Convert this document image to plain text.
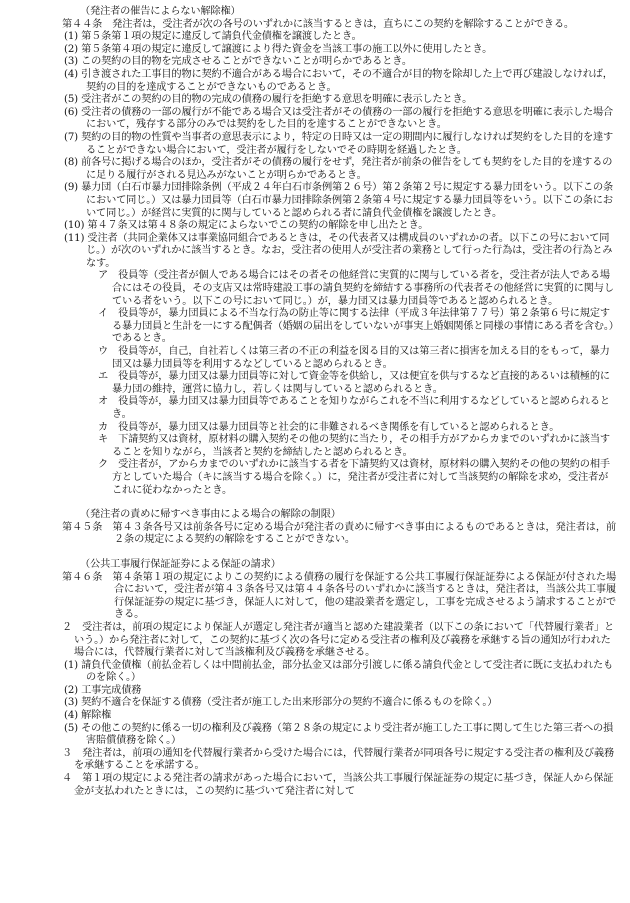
（発注者の催告によらない解除権）

第４４条　発注者は，受注者が次の各号のいずれかに該当するときは，直ちにこの契約を解除することができる。

(1) 第５条第１項の規定に違反して請負代金債権を譲渡したとき。

(2) 第５条第４項の規定に違反して譲渡により得た資金を当該工事の施工以外に使用したとき。

(3) この契約の目的物を完成させることができないことが明らかであるとき。

(4) 引き渡された工事目的物に契約不適合がある場合において，その不適合が目的物を除却した上で再び建設しなければ，契約の目的を達成することができないものであるとき。

(5) 受注者がこの契約の目的物の完成の債務の履行を拒絶する意思を明確に表示したとき。

(6) 受注者の債務の一部の履行が不能である場合又は受注者がその債務の一部の履行を拒絶する意思を明確に表示した場合において，残存する部分のみでは契約をした目的を達することができないとき。

(7) 契約の目的物の性質や当事者の意思表示により，特定の日時又は一定の期間内に履行しなければ契約をした目的を達することができない場合において，受注者が履行をしないでその時期を経過したとき。

(8) 前各号に掲げる場合のほか，受注者がその債務の履行をせず，発注者が前条の催告をしても契約をした目的を達するのに足りる履行がされる見込みがないことが明らかであるとき。

(9) 暴力団（白石市暴力団排除条例（平成２４年白石市条例第２６号）第２条第２号に規定する暴力団をいう。以下この条において同じ。）又は暴力団員等（白石市暴力団排除条例第２条第４号に規定する暴力団員等をいう。以下この条において同じ。）が経営に実質的に関与していると認められる者に請負代金債権を譲渡したとき。

(10) 第４７条又は第４８条の規定によらないでこの契約の解除を申し出たとき。

(11) 受注者（共同企業体又は事業協同組合であるときは，その代表者又は構成員のいずれかの者。以下この号において同じ。）が次のいずれかに該当するとき。なお，受注者の使用人が受注者の業務として行った行為は，受注者の行為とみなす。

ア　役員等（受注者が個人である場合にはその者その他経営に実質的に関与している者を，受注者が法人である場合にはその役員，その支店又は常時建設工事の請負契約を締結する事務所の代表者その他経営に実質的に関与している者をいう。以下この号において同じ。）が，暴力団又は暴力団員等であると認められるとき。

イ　役員等が，暴力団員による不当な行為の防止等に関する法律（平成３年法律第７７号）第２条第６号に規定する暴力団員と生計を一にする配偶者（婚姻の届出をしていないが事実上婚姻関係と同様の事情にある者を含む。）であるとき。

ウ　役員等が，自己，自社若しくは第三者の不正の利益を図る目的又は第三者に損害を加える目的をもって，暴力団又は暴力団員等を利用するなどしていると認められるとき。

エ　役員等が，暴力団又は暴力団員等に対して資金等を供給し，又は便宜を供与するなど直接的あるいは積極的に暴力団の維持，運営に協力し，若しくは関与していると認められるとき。

オ　役員等が，暴力団又は暴力団員等であることを知りながらこれを不当に利用するなどしていると認められるとき。

カ　役員等が，暴力団又は暴力団員等と社会的に非難されるべき関係を有していると認められるとき。

キ　下請契約又は資材，原材料の購入契約その他の契約に当たり，その相手方がアからカまでのいずれかに該当することを知りながら，当該者と契約を締結したと認められるとき。

ク　受注者が，アからカまでのいずれかに該当する者を下請契約又は資材，原材料の購入契約その他の契約の相手方としていた場合（キに該当する場合を除く。）に，発注者が受注者に対して当該契約の解除を求め，受注者がこれに従わなかったとき。

（発注者の責めに帰すべき事由による場合の解除の制限）

第４５条　第４３条各号又は前条各号に定める場合が発注者の責めに帰すべき事由によるものであるときは，発注者は，前２条の規定による契約の解除をすることができない。

（公共工事履行保証証券による保証の請求）

第４６条　第４条第１項の規定によりこの契約による債務の履行を保証する公共工事履行保証証券による保証が付された場合において，受注者が第４３条各号又は第４４条各号のいずれかに該当するときは，発注者は，当該公共工事履行保証証券の規定に基づき，保証人に対して，他の建設業者を選定し，工事を完成させるよう請求することができる。

２　受注者は，前項の規定により保証人が選定し発注者が適当と認めた建設業者（以下この条において「代替履行業者」という。）から発注者に対して，この契約に基づく次の各号に定める受注者の権利及び義務を承継する旨の通知が行われた場合には，代替履行業者に対して当該権利及び義務を承継させる。

(1) 請負代金債権（前払金若しくは中間前払金，部分払金又は部分引渡しに係る請負代金として受注者に既に支払われたものを除く。）

(2) 工事完成債務

(3) 契約不適合を保証する債務（受注者が施工した出来形部分の契約不適合に係るものを除く。）

(4) 解除権

(5) その他この契約に係る一切の権利及び義務（第２８条の規定により受注者が施工した工事に関して生じた第三者への損害賠償債務を除く。）

３　発注者は，前項の通知を代替履行業者から受けた場合には，代替履行業者が同項各号に規定する受注者の権利及び義務を承継することを承諾する。

４　第１項の規定による発注者の請求があった場合において，当該公共工事履行保証証券の規定に基づき，保証人から保証金が支払われたときには，この契約に基づいて発注者に対して
